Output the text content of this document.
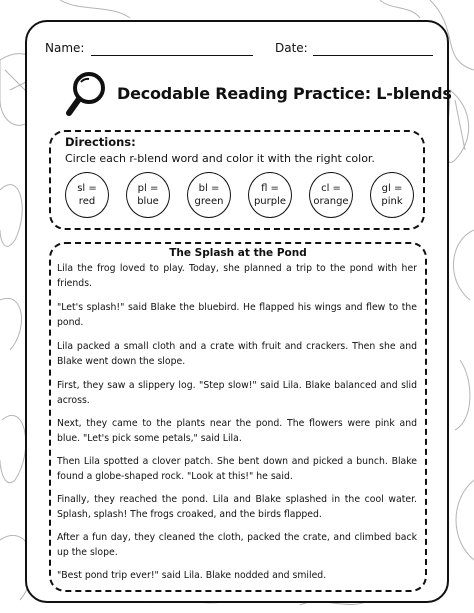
Name:	Date:
Decodable Reading Practice: L-blends
Directions:
Circle each r-blend word and color it with the right color.
sl =
red
pl =
blue
bl =
green
fl =
purple
cl =
orange
gl =
pink
The Splash at the Pond
Lila the frog loved to play. Today, she planned a trip to the pond with her friends.
"Let's splash!" said Blake the bluebird. He flapped his wings and flew to the pond.
Lila packed a small cloth and a crate with fruit and crackers. Then she and Blake went down the slope.
First, they saw a slippery log. "Step slow!" said Lila. Blake balanced and slid across.
Next, they came to the plants near the pond. The flowers were pink and blue. "Let's pick some petals," said Lila.
Then Lila spotted a clover patch. She bent down and picked a bunch. Blake found a globe-shaped rock. "Look at this!" he said.
Finally, they reached the pond. Lila and Blake splashed in the cool water. Splash, splash! The frogs croaked, and the birds flapped.
After a fun day, they cleaned the cloth, packed the crate, and climbed back up the slope.
"Best pond trip ever!" said Lila. Blake nodded and smiled.
